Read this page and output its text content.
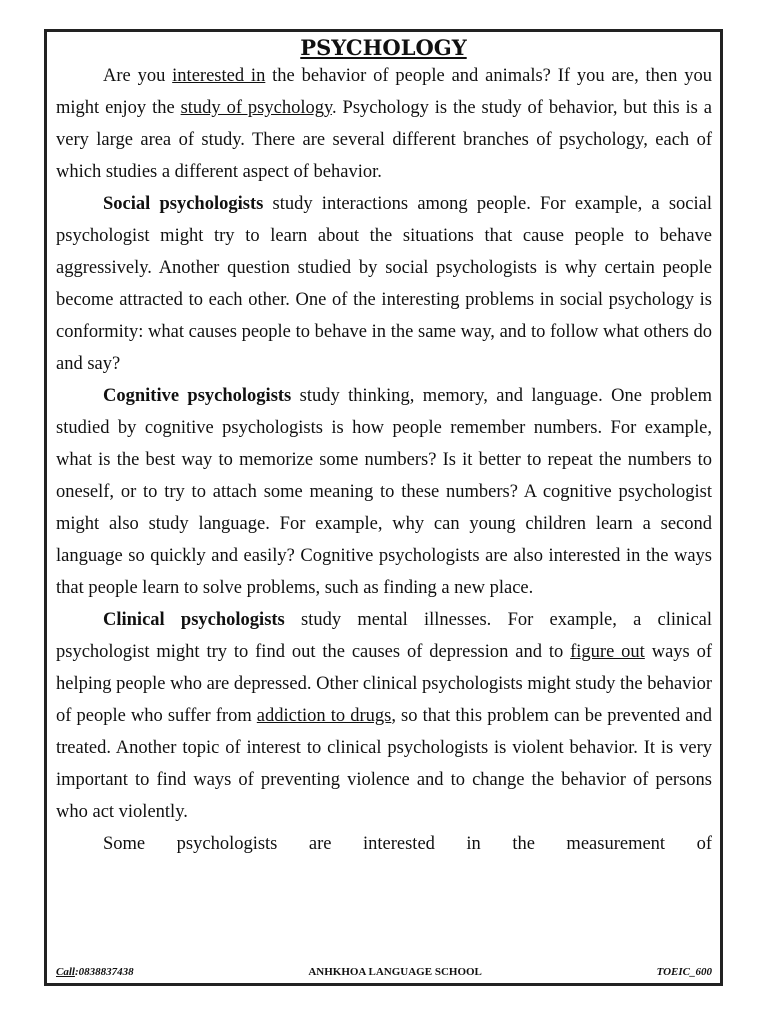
PSYCHOLOGY

Are you interested in the behavior of people and animals? If you are, then you might enjoy the study of psychology. Psychology is the study of behavior, but this is a very large area of study. There are several different branches of psychology, each of which studies a different aspect of behavior.

Social psychologists study interactions among people. For example, a social psychologist might try to learn about the situations that cause people to behave aggressively. Another question studied by social psychologists is why certain people become attracted to each other. One of the interesting problems in social psychology is conformity: what causes people to behave in the same way, and to follow what others do and say?

Cognitive psychologists study thinking, memory, and language. One problem studied by cognitive psychologists is how people remember numbers. For example, what is the best way to memorize some numbers? Is it better to repeat the numbers to oneself, or to try to attach some meaning to these numbers? A cognitive psychologist might also study language. For example, why can young children learn a second language so quickly and easily? Cognitive psychologists are also interested in the ways that people learn to solve problems, such as finding a new place.

Clinical psychologists study mental illnesses. For example, a clinical psychologist might try to find out the causes of depression and to figure out ways of helping people who are depressed. Other clinical psychologists might study the behavior of people who suffer from addiction to drugs, so that this problem can be prevented and treated. Another topic of interest to clinical psychologists is violent behavior. It is very important to find ways of preventing violence and to change the behavior of persons who act violently.

Some psychologists are interested in the measurement of

Call:0838837438	ANHKHOA LANGUAGE SCHOOL	TOEIC_600
